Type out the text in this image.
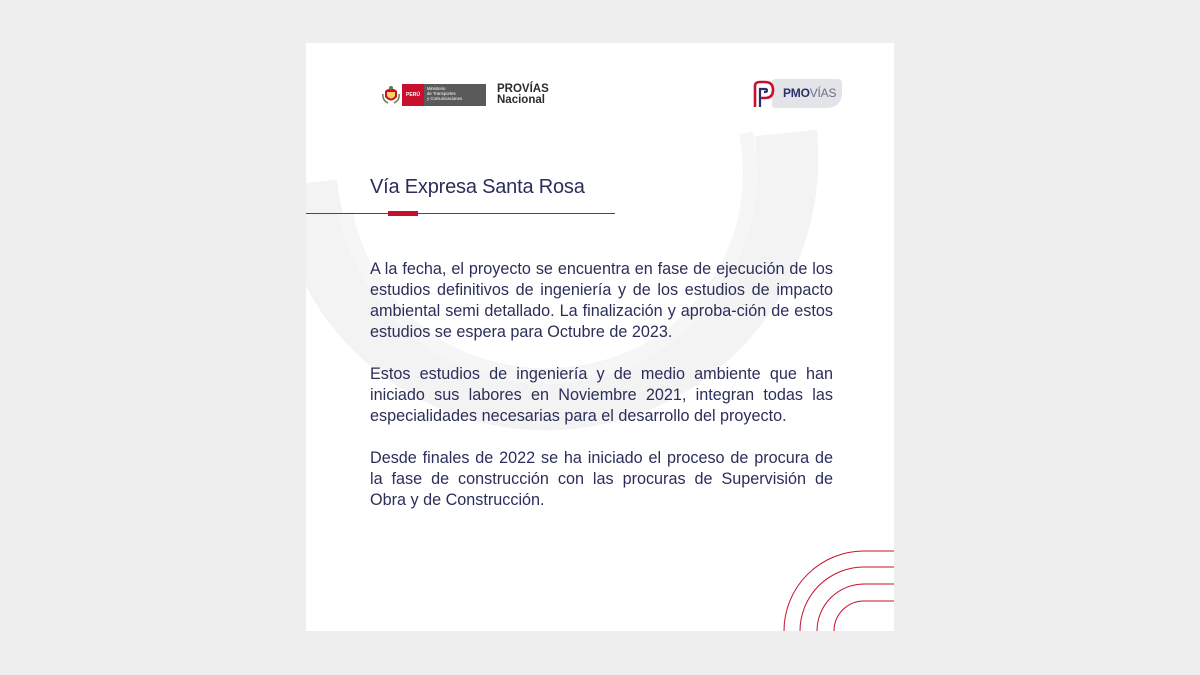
PERÚ
Ministerio
de Transportes
y Comunicaciones
PROVÍAS
Nacional	PMOVÍAS
Vía Expresa Santa Rosa

A la fecha, el proyecto se encuentra en fase de ejecución de los estudios definitivos de ingeniería y de los estudios de impacto ambiental semi detallado. La finalización y aproba-ción de estos estudios se espera para Octubre de 2023.

Estos estudios de ingeniería y de medio ambiente que han iniciado sus labores en Noviembre 2021, integran todas las especialidades necesarias para el desarrollo del proyecto.

Desde finales de 2022 se ha iniciado el proceso de procura de la fase de construcción con las procuras de Supervisión de Obra y de Construcción.
